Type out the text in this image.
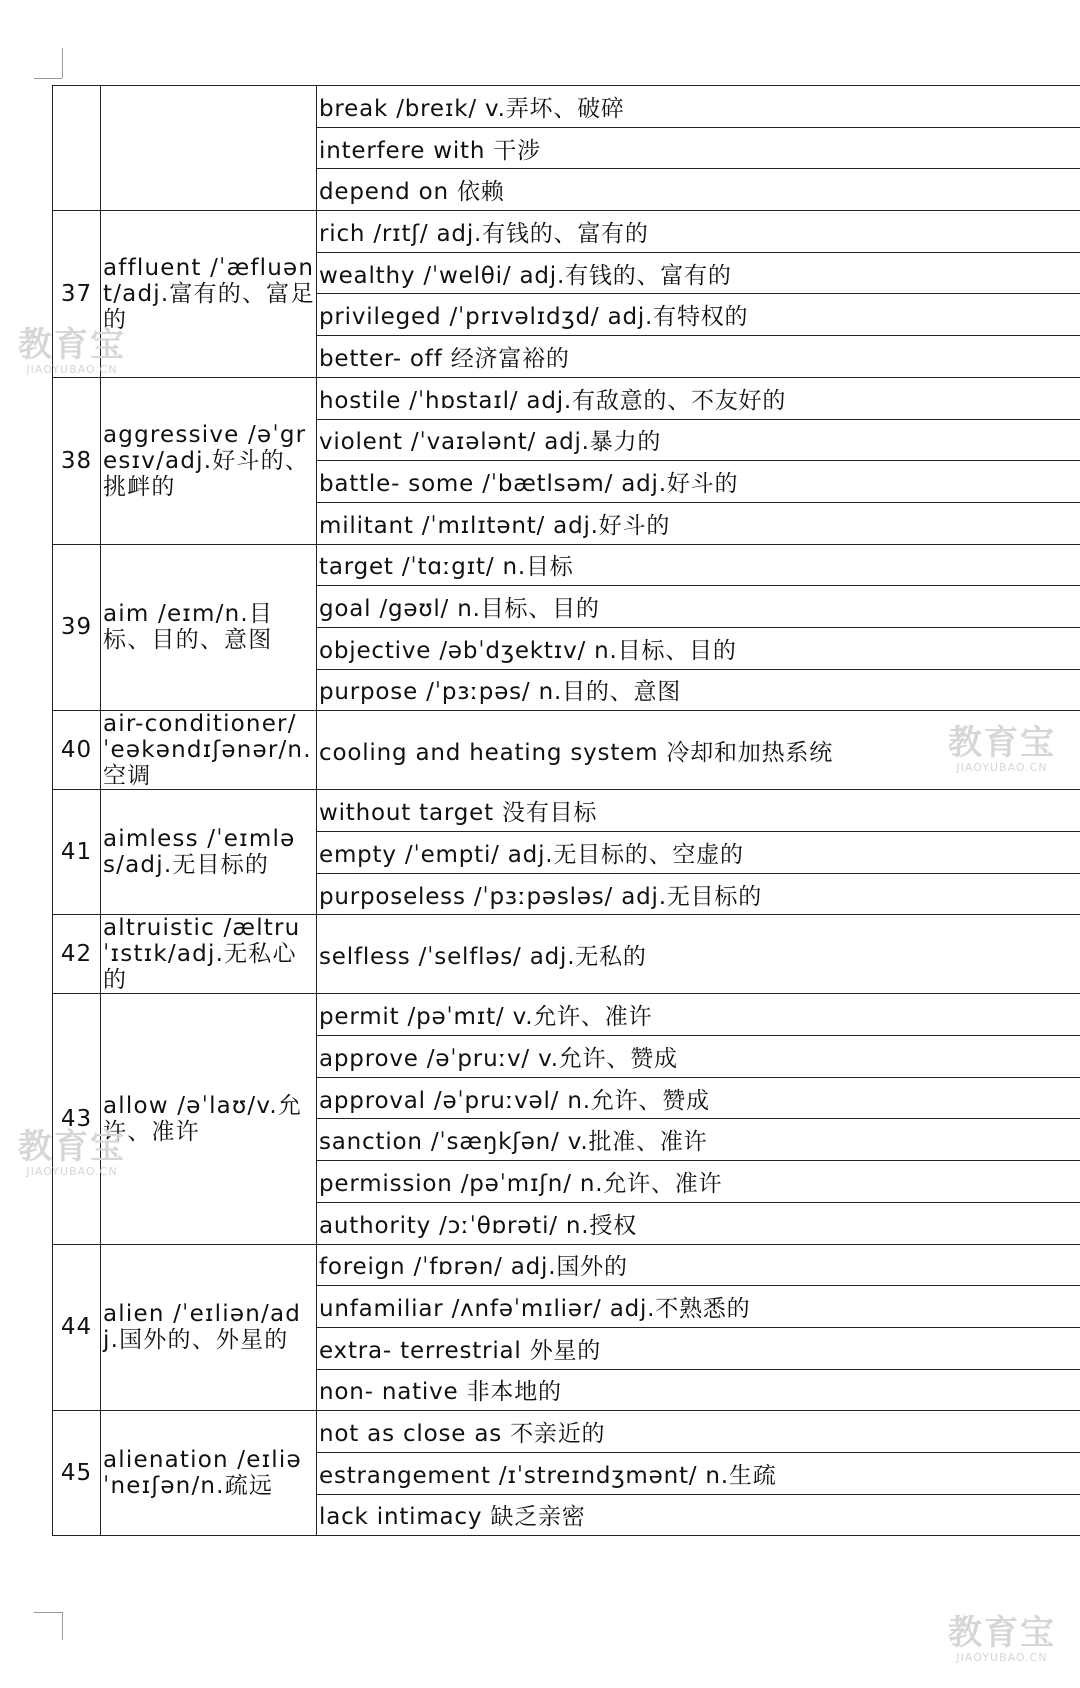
		break /breɪk/ v.弄坏、破碎
		interfere with 干涉
		depend on 依赖
37	affluent /ˈæfluənt/adj.富有的、富足的	rich /rɪtʃ/ adj.有钱的、富有的
		wealthy /ˈwelθi/ adj.有钱的、富有的
		privileged /ˈprɪvəlɪdʒd/ adj.有特权的
		better- off 经济富裕的
38	aggressive /əˈgresɪv/adj.好斗的、挑衅的	hostile /ˈhɒstaɪl/ adj.有敌意的、不友好的
		violent /ˈvaɪələnt/ adj.暴力的
		battle- some /ˈbætlsəm/ adj.好斗的
		militant /ˈmɪlɪtənt/ adj.好斗的
39	aim /eɪm/n.目标、目的、意图	target /ˈtɑːgɪt/ n.目标
		goal /gəʊl/ n.目标、目的
		objective /əbˈdʒektɪv/ n.目标、目的
		purpose /ˈpɜːpəs/ n.目的、意图
40	air-conditioner/ˈeəkəndɪʃənər/n.空调	cooling and heating system 冷却和加热系统
41	aimless /ˈeɪmləs/adj.无目标的	without target 没有目标
		empty /ˈempti/ adj.无目标的、空虚的
		purposeless /ˈpɜːpəsləs/ adj.无目标的
42	altruistic /æltruˈɪstɪk/adj.无私心的	selfless /ˈselfləs/ adj.无私的
43	allow /əˈlaʊ/v.允许、准许	permit /pəˈmɪt/ v.允许、准许
		approve /əˈpruːv/ v.允许、赞成
		approval /əˈpruːvəl/ n.允许、赞成
		sanction /ˈsæŋkʃən/ v.批准、准许
		permission /pəˈmɪʃn/ n.允许、准许
		authority /ɔːˈθɒrəti/ n.授权
44	alien /ˈeɪliən/adj.国外的、外星的	foreign /ˈfɒrən/ adj.国外的
		unfamiliar /ʌnfəˈmɪliər/ adj.不熟悉的
		extra- terrestrial 外星的
		non- native 非本地的
45	alienation /eɪliəˈneɪʃən/n.疏远	not as close as 不亲近的
		estrangement /ɪˈstreɪndʒmənt/ n.生疏
		lack intimacy 缺乏亲密
教育宝
JIAOYUBAO.CN
教育宝
JIAOYUBAO.CN
教育宝
JIAOYUBAO.CN
教育宝
JIAOYUBAO.CN
